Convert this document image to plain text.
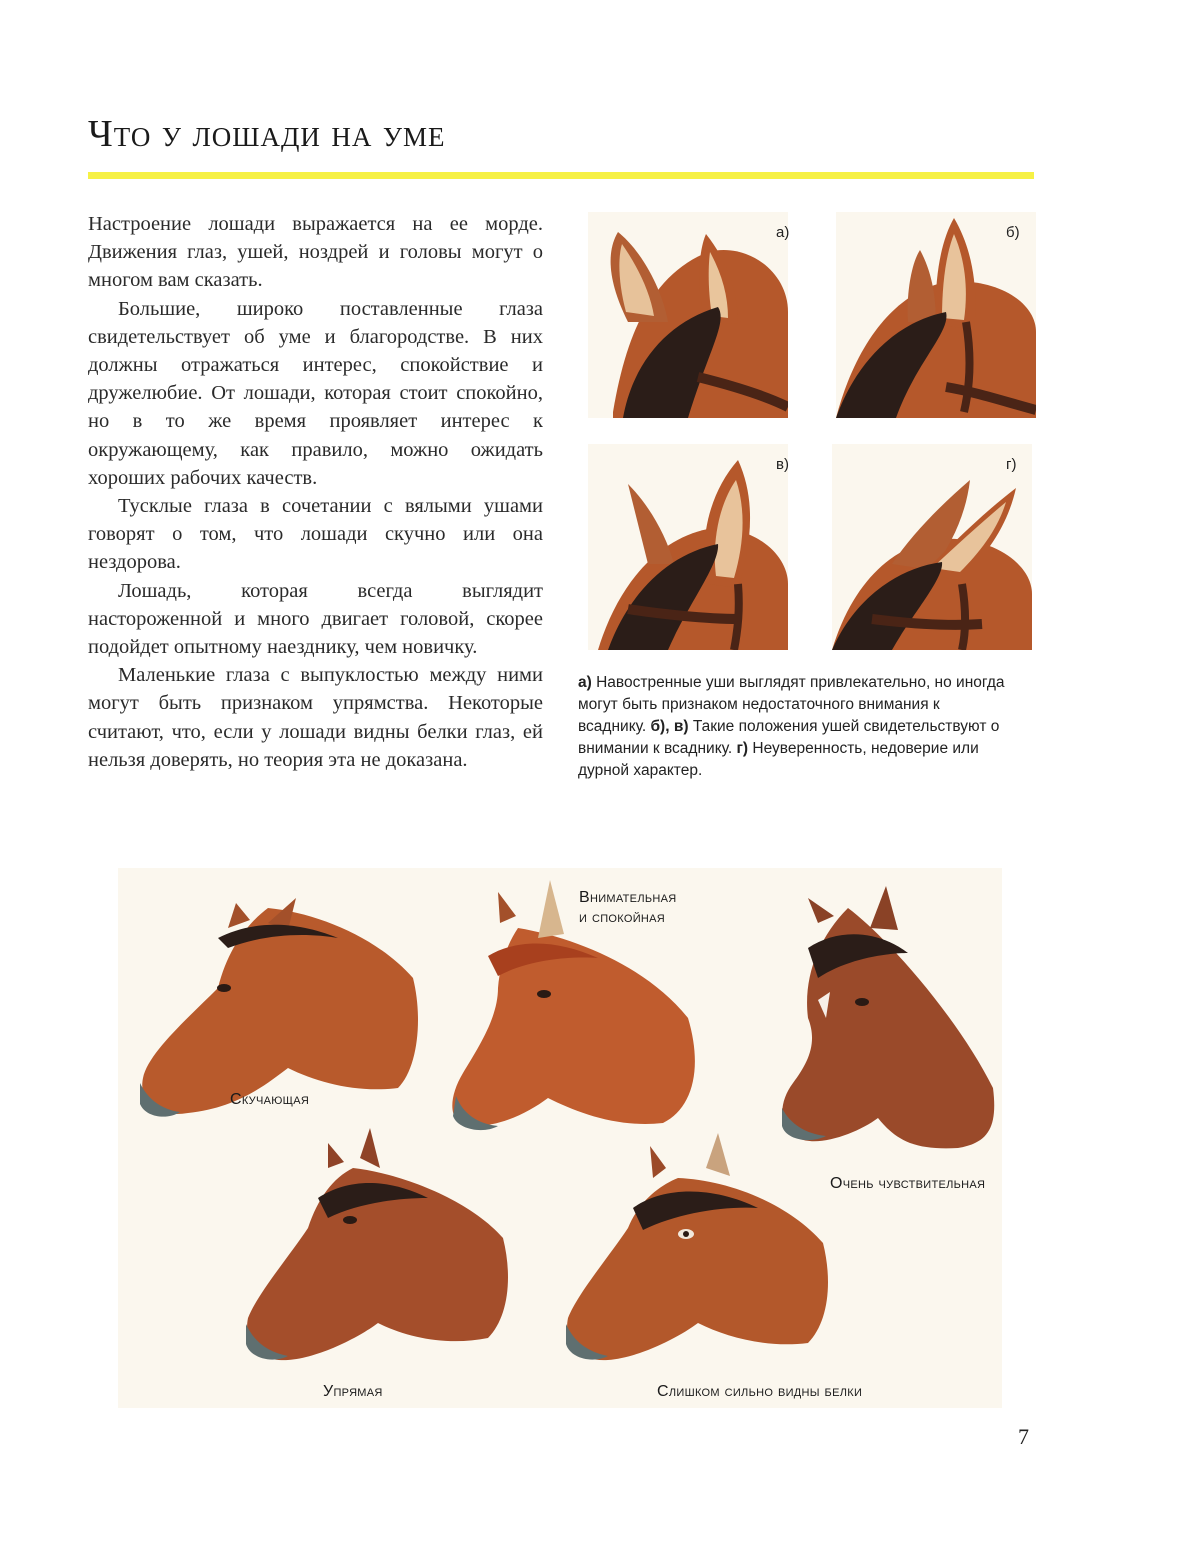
Что у лошади на уме

Настроение лошади выражается на ее морде. Движения глаз, ушей, ноздрей и головы могут о многом вам сказать.

Большие, широко поставленные глаза свидетельствует об уме и благородстве. В них должны отражаться интерес, спокойствие и дружелюбие. От лошади, которая стоит спокойно, но в то же время проявляет интерес к окружающему, как правило, можно ожидать хороших рабочих качеств.

Тусклые глаза в сочетании с вялыми ушами говорят о том, что лошади скучно или она нездорова.

Лошадь, которая всегда выглядит настороженной и много двигает головой, скорее подойдет опытному наезднику, чем новичку.

Маленькие глаза с выпуклостью между ними могут быть признаком упрямства. Некоторые считают, что, если у лошади видны белки глаз, ей нельзя доверять, но теория эта не доказана.

а)	б)
в)	г)
а) Навостренные уши выглядят привлекательно, но иногда могут быть признаком недостаточного внимания к всаднику. б), в) Такие положения ушей свидетельствуют о внимании к всаднику. г) Неуверенность, недоверие или дурной характер.
Скучающая
Внимательная
и спокойная
Очень чувствительная
Упрямая	Слишком сильно видны белки
7
